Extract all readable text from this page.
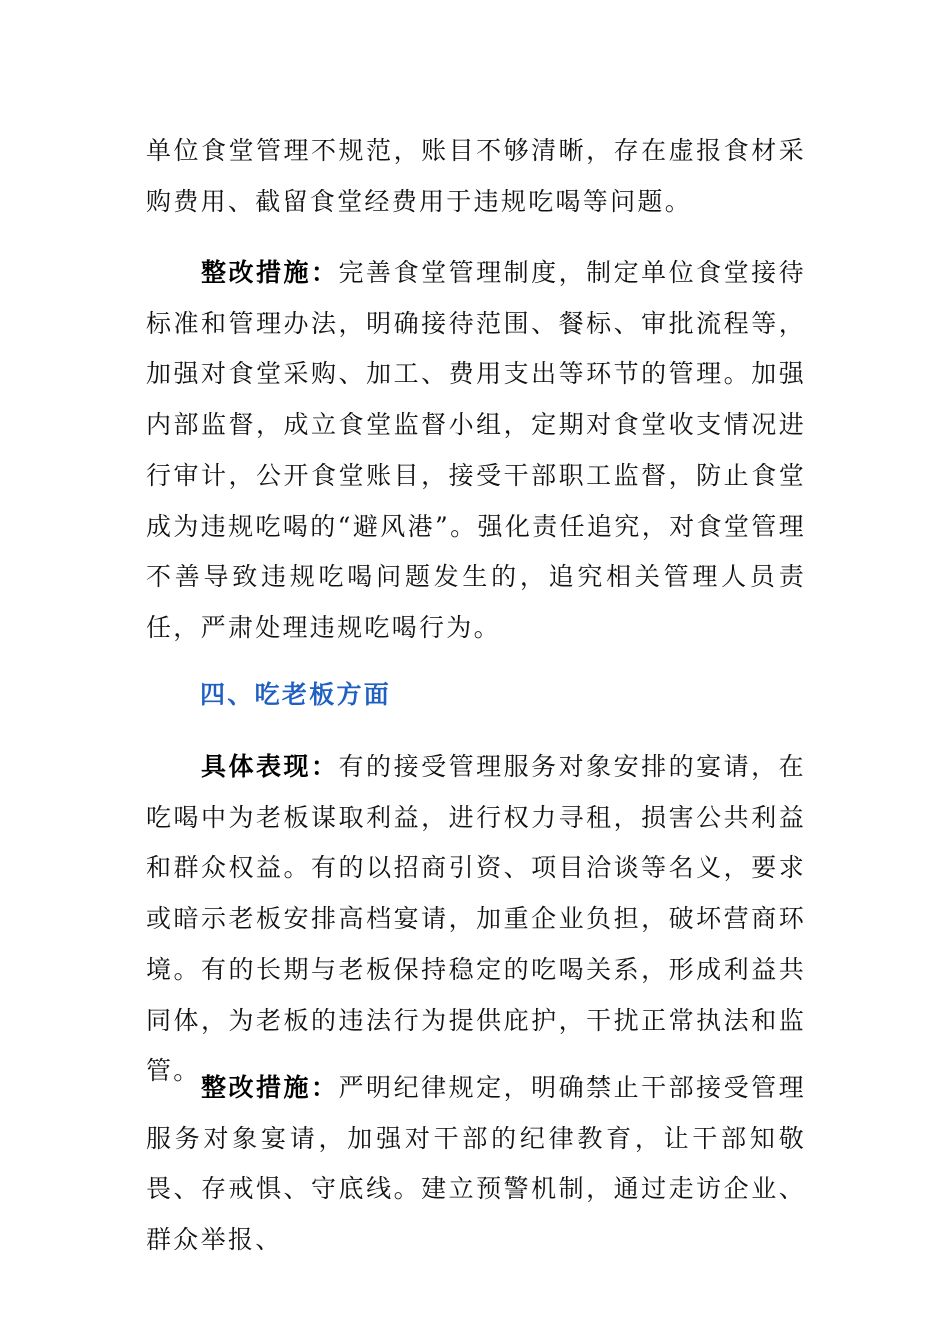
单位食堂管理不规范，账目不够清晰，存在虚报食材采购费用、截留食堂经费用于违规吃喝等问题。

整改措施：完善食堂管理制度，制定单位食堂接待标准和管理办法，明确接待范围、餐标、审批流程等，加强对食堂采购、加工、费用支出等环节的管理。加强内部监督，成立食堂监督小组，定期对食堂收支情况进行审计，公开食堂账目，接受干部职工监督，防止食堂成为违规吃喝的“避风港”。强化责任追究，对食堂管理不善导致违规吃喝问题发生的，追究相关管理人员责任，严肃处理违规吃喝行为。

四、吃老板方面

具体表现：有的接受管理服务对象安排的宴请，在吃喝中为老板谋取利益，进行权力寻租，损害公共利益和群众权益。有的以招商引资、项目洽谈等名义，要求或暗示老板安排高档宴请，加重企业负担，破坏营商环境。有的长期与老板保持稳定的吃喝关系，形成利益共同体，为老板的违法行为提供庇护，干扰正常执法和监管。

整改措施：严明纪律规定，明确禁止干部接受管理服务对象宴请，加强对干部的纪律教育，让干部知敬畏、存戒惧、守底线。建立预警机制，通过走访企业、群众举报、
